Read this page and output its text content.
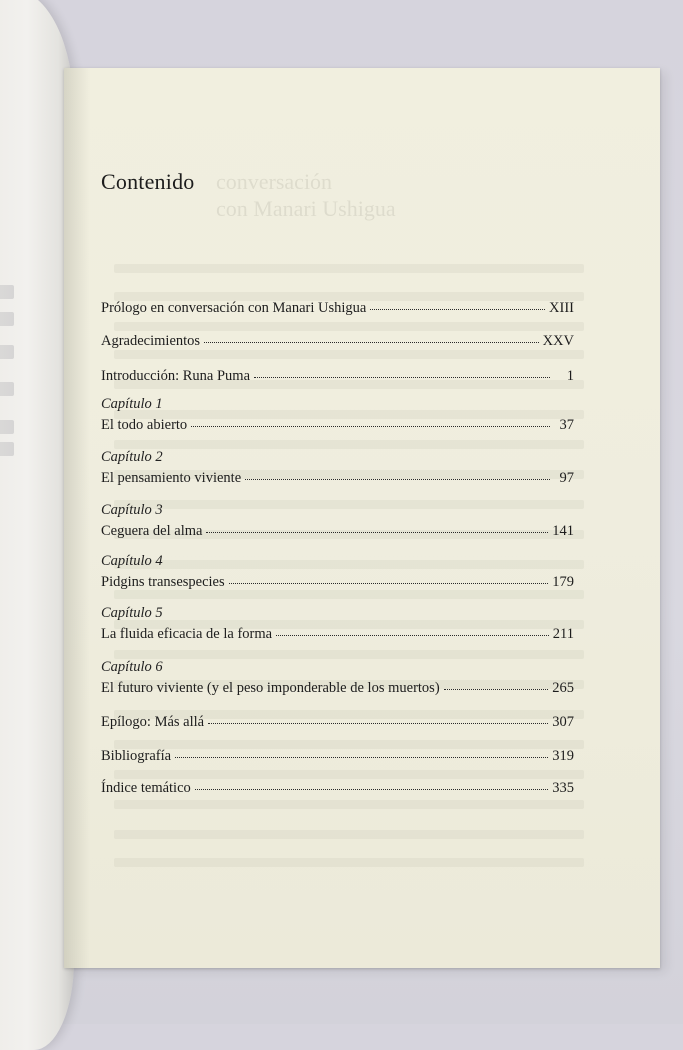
conversación
con Manari Ushigua
Contenido
Prólogo en conversación con Manari Ushigua	XIII
Agradecimientos	XXV
Introducción: Runa Puma	1
Capítulo 1
El todo abierto	37
Capítulo 2
El pensamiento viviente	97
Capítulo 3
Ceguera del alma	141
Capítulo 4
Pidgins transespecies	179
Capítulo 5
La fluida eficacia de la forma	211
Capítulo 6
El futuro viviente (y el peso imponderable de los muertos)	265
Epílogo: Más allá	307
Bibliografía	319
Índice temático	335
